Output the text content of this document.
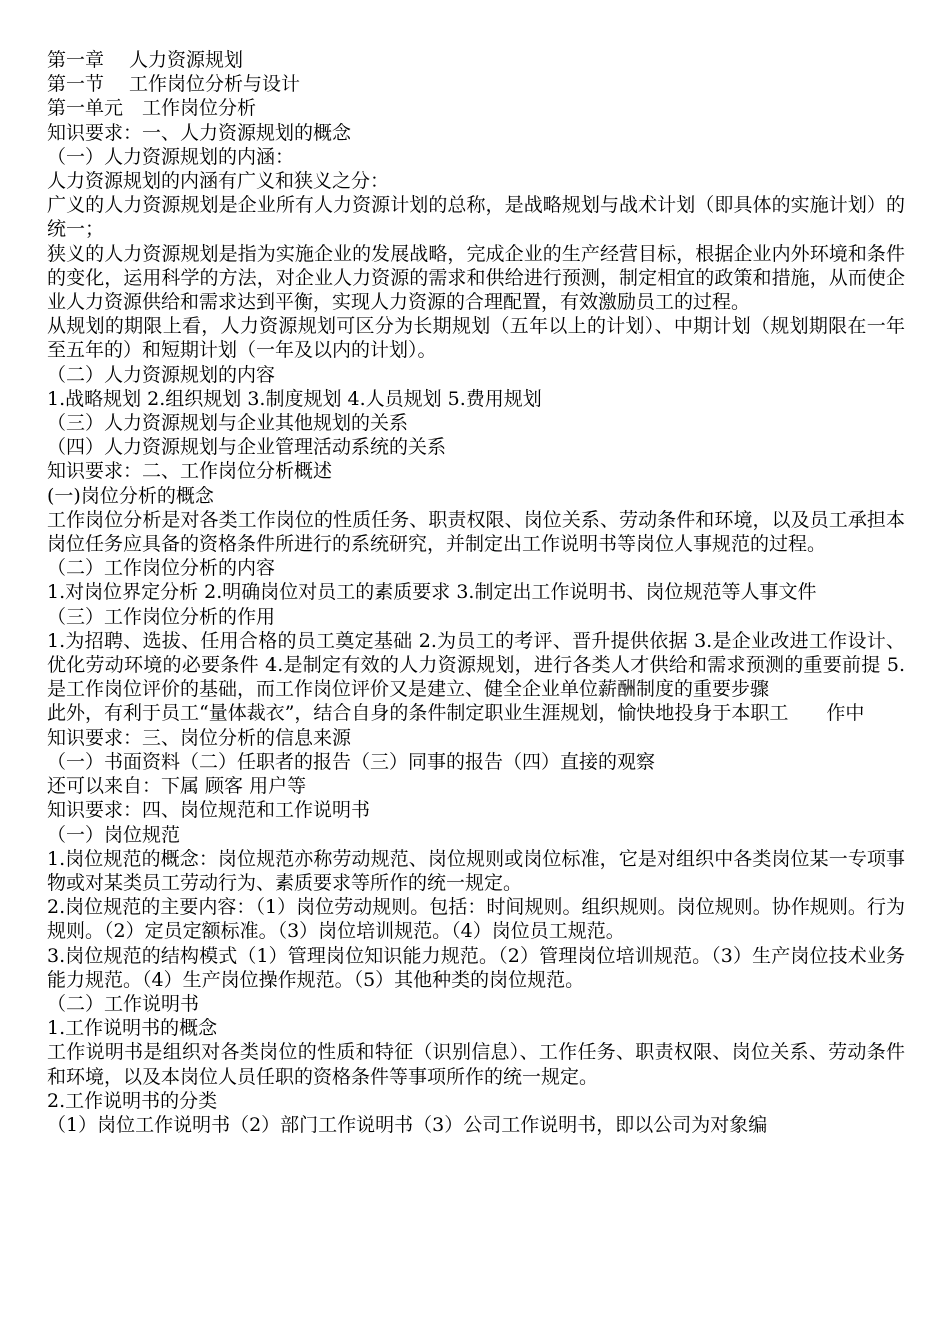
第一章　 人力资源规划

第一节　 工作岗位分析与设计

第一单元　工作岗位分析

知识要求：一、人力资源规划的概念

（一）人力资源规划的内涵：

人力资源规划的内涵有广义和狭义之分：

广义的人力资源规划是企业所有人力资源计划的总称，是战略规划与战术计划（即具体的实施计划）的统一；

狭义的人力资源规划是指为实施企业的发展战略，完成企业的生产经营目标，根据企业内外环境和条件的变化，运用科学的方法，对企业人力资源的需求和供给进行预测，制定相宜的政策和措施，从而使企业人力资源供给和需求达到平衡，实现人力资源的合理配置，有效激励员工的过程。

从规划的期限上看，人力资源规划可区分为长期规划（五年以上的计划）、中期计划（规划期限在一年至五年的）和短期计划（一年及以内的计划）。

（二）人力资源规划的内容

1.战略规划 2.组织规划 3.制度规划 4.人员规划 5.费用规划

（三）人力资源规划与企业其他规划的关系

（四）人力资源规划与企业管理活动系统的关系

知识要求：二、工作岗位分析概述

(一)岗位分析的概念

工作岗位分析是对各类工作岗位的性质任务、职责权限、岗位关系、劳动条件和环境，以及员工承担本岗位任务应具备的资格条件所进行的系统研究，并制定出工作说明书等岗位人事规范的过程。

（二）工作岗位分析的内容

1.对岗位界定分析 2.明确岗位对员工的素质要求 3.制定出工作说明书、岗位规范等人事文件

（三）工作岗位分析的作用

1.为招聘、选拔、任用合格的员工奠定基础 2.为员工的考评、晋升提供依据 3.是企业改进工作设计、优化劳动环境的必要条件 4.是制定有效的人力资源规划，进行各类人才供给和需求预测的重要前提 5.是工作岗位评价的基础，而工作岗位评价又是建立、健全企业单位薪酬制度的重要步骤

此外，有利于员工“量体裁衣”，结合自身的条件制定职业生涯规划，愉快地投身于本职工　　作中

知识要求：三、岗位分析的信息来源

（一）书面资料（二）任职者的报告（三）同事的报告（四）直接的观察

还可以来自：下属 顾客 用户等

知识要求：四、岗位规范和工作说明书

（一）岗位规范

1.岗位规范的概念：岗位规范亦称劳动规范、岗位规则或岗位标准，它是对组织中各类岗位某一专项事物或对某类员工劳动行为、素质要求等所作的统一规定。

2.岗位规范的主要内容：（1）岗位劳动规则。包括：时间规则。组织规则。岗位规则。协作规则。行为规则。（2）定员定额标准。（3）岗位培训规范。（4）岗位员工规范。

3.岗位规范的结构模式（1）管理岗位知识能力规范。（2）管理岗位培训规范。（3）生产岗位技术业务能力规范。（4）生产岗位操作规范。（5）其他种类的岗位规范。

（二）工作说明书

1.工作说明书的概念

工作说明书是组织对各类岗位的性质和特征（识别信息）、工作任务、职责权限、岗位关系、劳动条件和环境，以及本岗位人员任职的资格条件等事项所作的统一规定。

2.工作说明书的分类

（1）岗位工作说明书（2）部门工作说明书（3）公司工作说明书，即以公司为对象编
